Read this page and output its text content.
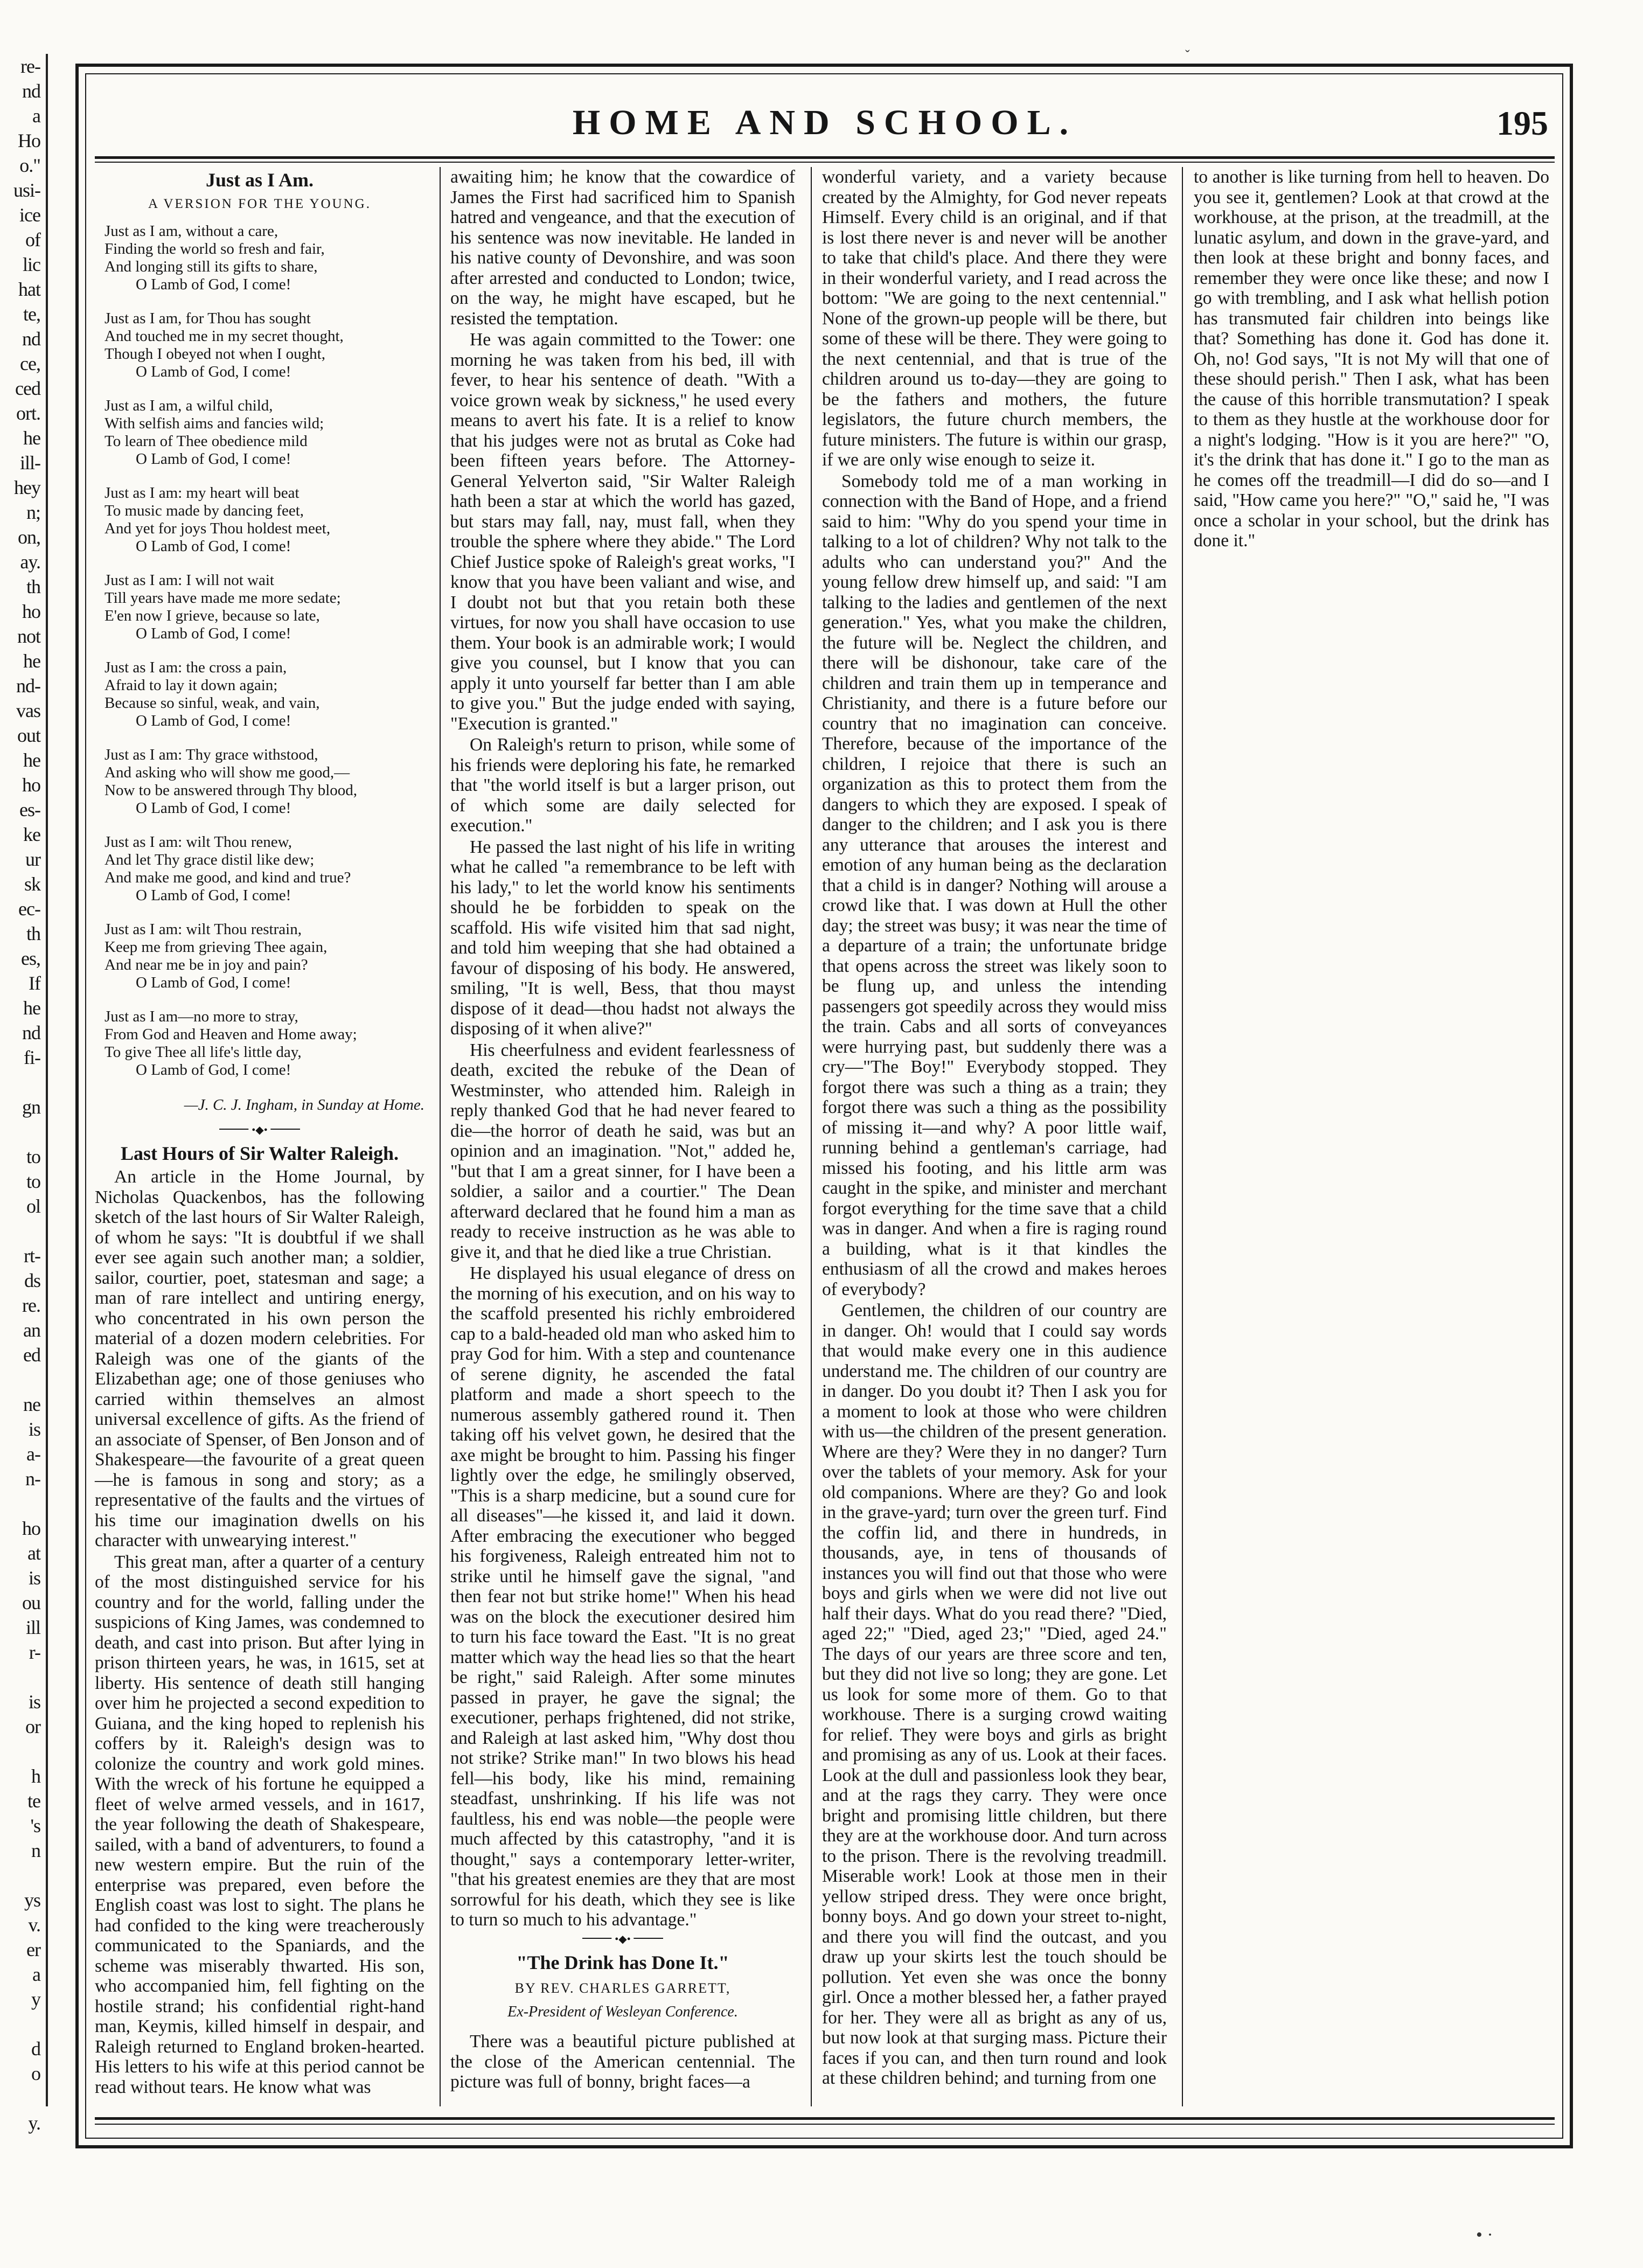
re-
nd
a
Ho
o."
usi-
ice
of
lic
hat
te,
nd
ce,
ced
ort.
he
ill-
hey
n;
on,
ay.
th
ho
not
he
nd-
vas
out
he
ho
es-
ke
ur
sk
ec-
th
es,
If
he
nd
fi-

gn

to
to
ol

rt-
ds
re.
an
ed

ne
is
a-
n-

ho
at
is
ou
ill
r-

is
or

h
te
's
n

ys
v.
er
a
y

d
o

y.
HOME AND SCHOOL.	195
Just as I Am.
A VERSION FOR THE YOUNG.
Just as I am, without a care,
Finding the world so fresh and fair,
And longing still its gifts to share,
O Lamb of God, I come!
Just as I am, for Thou has sought
And touched me in my secret thought,
Though I obeyed not when I ought,
O Lamb of God, I come!
Just as I am, a wilful child,
With selfish aims and fancies wild;
To learn of Thee obedience mild
O Lamb of God, I come!
Just as I am: my heart will beat
To music made by dancing feet,
And yet for joys Thou holdest meet,
O Lamb of God, I come!
Just as I am: I will not wait
Till years have made me more sedate;
E'en now I grieve, because so late,
O Lamb of God, I come!
Just as I am: the cross a pain,
Afraid to lay it down again;
Because so sinful, weak, and vain,
O Lamb of God, I come!
Just as I am: Thy grace withstood,
And asking who will show me good,—
Now to be answered through Thy blood,
O Lamb of God, I come!
Just as I am: wilt Thou renew,
And let Thy grace distil like dew;
And make me good, and kind and true?
O Lamb of God, I come!
Just as I am: wilt Thou restrain,
Keep me from grieving Thee again,
And near me be in joy and pain?
O Lamb of God, I come!
Just as I am—no more to stray,
From God and Heaven and Home away;
To give Thee all life's little day,
O Lamb of God, I come!
—J. C. J. Ingham, in Sunday at Home.
•◆•
Last Hours of Sir Walter Raleigh.

An article in the Home Journal, by Nicholas Quackenbos, has the following sketch of the last hours of Sir Walter Raleigh, of whom he says: "It is doubtful if we shall ever see again such another man; a soldier, sailor, courtier, poet, statesman and sage; a man of rare intellect and untiring energy, who concentrated in his own person the material of a dozen modern celebrities. For Raleigh was one of the giants of the Elizabethan age; one of those geniuses who carried within themselves an almost universal excellence of gifts. As the friend of an associate of Spenser, of Ben Jonson and of Shakespeare—the favourite of a great queen—he is famous in song and story; as a representative of the faults and the virtues of his time our imagination dwells on his character with unwearying interest."

This great man, after a quarter of a century of the most distinguished service for his country and for the world, falling under the suspicions of King James, was condemned to death, and cast into prison. But after lying in prison thirteen years, he was, in 1615, set at liberty. His sentence of death still hanging over him he projected a second expedition to Guiana, and the king hoped to replenish his coffers by it. Raleigh's design was to colonize the country and work gold mines. With the wreck of his fortune he equipped a fleet of welve armed vessels, and in 1617, the year following the death of Shakespeare, sailed, with a band of adventurers, to found a new western empire. But the ruin of the enterprise was prepared, even before the English coast was lost to sight. The plans he had confided to the king were treacherously communicated to the Spaniards, and the scheme was miserably thwarted. His son, who accompanied him, fell fighting on the hostile strand; his confidential right-hand man, Keymis, killed himself in despair, and Raleigh returned to England broken-hearted. His letters to his wife at this period cannot be read without tears. He know what was

awaiting him; he know that the cowardice of James the First had sacrificed him to Spanish hatred and vengeance, and that the execution of his sentence was now inevitable. He landed in his native county of Devonshire, and was soon after arrested and conducted to London; twice, on the way, he might have escaped, but he resisted the temptation.

He was again committed to the Tower: one morning he was taken from his bed, ill with fever, to hear his sentence of death. "With a voice grown weak by sickness," he used every means to avert his fate. It is a relief to know that his judges were not as brutal as Coke had been fifteen years before. The Attorney-General Yelverton said, "Sir Walter Raleigh hath been a star at which the world has gazed, but stars may fall, nay, must fall, when they trouble the sphere where they abide." The Lord Chief Justice spoke of Raleigh's great works, "I know that you have been valiant and wise, and I doubt not but that you retain both these virtues, for now you shall have occasion to use them. Your book is an admirable work; I would give you counsel, but I know that you can apply it unto yourself far better than I am able to give you." But the judge ended with saying, "Execution is granted."

On Raleigh's return to prison, while some of his friends were deploring his fate, he remarked that "the world itself is but a larger prison, out of which some are daily selected for execution."

He passed the last night of his life in writing what he called "a remembrance to be left with his lady," to let the world know his sentiments should he be forbidden to speak on the scaffold. His wife visited him that sad night, and told him weeping that she had obtained a favour of disposing of his body. He answered, smiling, "It is well, Bess, that thou mayst dispose of it dead—thou hadst not always the disposing of it when alive?"

His cheerfulness and evident fearlessness of death, excited the rebuke of the Dean of Westminster, who attended him. Raleigh in reply thanked God that he had never feared to die—the horror of death he said, was but an opinion and an imagination. "Not," added he, "but that I am a great sinner, for I have been a soldier, a sailor and a courtier." The Dean afterward declared that he found him a man as ready to receive instruction as he was able to give it, and that he died like a true Christian.

He displayed his usual elegance of dress on the morning of his execution, and on his way to the scaffold presented his richly embroidered cap to a bald-headed old man who asked him to pray God for him. With a step and countenance of serene dignity, he ascended the fatal platform and made a short speech to the numerous assembly gathered round it. Then taking off his velvet gown, he desired that the axe might be brought to him. Passing his finger lightly over the edge, he smilingly observed, "This is a sharp medicine, but a sound cure for all diseases"—he kissed it, and laid it down. After embracing the executioner who begged his forgiveness, Raleigh entreated him not to strike until he himself gave the signal, "and then fear not but strike home!" When his head was on the block the executioner desired him to turn his face toward the East. "It is no great matter which way the head lies so that the heart be right," said Raleigh. After some minutes passed in prayer, he gave the signal; the executioner, perhaps frightened, did not strike, and Raleigh at last asked him, "Why dost thou not strike? Strike man!" In two blows his head fell—his body, like his mind, remaining steadfast, unshrinking. If his life was not faultless, his end was noble—the people were much affected by this catastrophy, "and it is thought," says a contemporary letter-writer, "that his greatest enemies are they that are most sorrowful for his death, which they see is like to turn so much to his advantage."

•◆•
"The Drink has Done It."
BY REV. CHARLES GARRETT,
Ex-President of Wesleyan Conference.

There was a beautiful picture published at the close of the American centennial. The picture was full of bonny, bright faces—a

wonderful variety, and a variety because created by the Almighty, for God never repeats Himself. Every child is an original, and if that is lost there never is and never will be another to take that child's place. And there they were in their wonderful variety, and I read across the bottom: "We are going to the next centennial." None of the grown-up people will be there, but some of these will be there. They were going to the next centennial, and that is true of the children around us to-day—they are going to be the fathers and mothers, the future legislators, the future church members, the future ministers. The future is within our grasp, if we are only wise enough to seize it.

Somebody told me of a man working in connection with the Band of Hope, and a friend said to him: "Why do you spend your time in talking to a lot of children? Why not talk to the adults who can understand you?" And the young fellow drew himself up, and said: "I am talking to the ladies and gentlemen of the next generation." Yes, what you make the children, the future will be. Neglect the children, and there will be dishonour, take care of the children and train them up in temperance and Christianity, and there is a future before our country that no imagination can conceive. Therefore, because of the importance of the children, I rejoice that there is such an organization as this to protect them from the dangers to which they are exposed. I speak of danger to the children; and I ask you is there any utterance that arouses the interest and emotion of any human being as the declaration that a child is in danger? Nothing will arouse a crowd like that. I was down at Hull the other day; the street was busy; it was near the time of a departure of a train; the unfortunate bridge that opens across the street was likely soon to be flung up, and unless the intending passengers got speedily across they would miss the train. Cabs and all sorts of conveyances were hurrying past, but suddenly there was a cry—"The Boy!" Everybody stopped. They forgot there was such a thing as a train; they forgot there was such a thing as the possibility of missing it—and why? A poor little waif, running behind a gentleman's carriage, had missed his footing, and his little arm was caught in the spike, and minister and merchant forgot everything for the time save that a child was in danger. And when a fire is raging round a building, what is it that kindles the enthusiasm of all the crowd and makes heroes of everybody?

Gentlemen, the children of our country are in danger. Oh! would that I could say words that would make every one in this audience understand me. The children of our country are in danger. Do you doubt it? Then I ask you for a moment to look at those who were children with us—the children of the present generation. Where are they? Were they in no danger? Turn over the tablets of your memory. Ask for your old companions. Where are they? Go and look in the grave-yard; turn over the green turf. Find the coffin lid, and there in hundreds, in thousands, aye, in tens of thousands of instances you will find out that those who were boys and girls when we were did not live out half their days. What do you read there? "Died, aged 22;" "Died, aged 23;" "Died, aged 24." The days of our years are three score and ten, but they did not live so long; they are gone. Let us look for some more of them. Go to that workhouse. There is a surging crowd waiting for relief. They were boys and girls as bright and promising as any of us. Look at their faces. Look at the dull and passionless look they bear, and at the rags they carry. They were once bright and promising little children, but there they are at the workhouse door. And turn across to the prison. There is the revolving treadmill. Miserable work! Look at those men in their yellow striped dress. They were once bright, bonny boys. And go down your street to-night, and there you will find the outcast, and you draw up your skirts lest the touch should be pollution. Yet even she was once the bonny girl. Once a mother blessed her, a father prayed for her. They were all as bright as any of us, but now look at that surging mass. Picture their faces if you can, and then turn round and look at these children behind; and turning from one

to another is like turning from hell to heaven. Do you see it, gentlemen? Look at that crowd at the workhouse, at the prison, at the treadmill, at the lunatic asylum, and down in the grave-yard, and then look at these bright and bonny faces, and remember they were once like these; and now I go with trembling, and I ask what hellish potion has transmuted fair children into beings like that? Something has done it. God has done it. Oh, no! God says, "It is not My will that one of these should perish." Then I ask, what has been the cause of this horrible transmutation? I speak to them as they hustle at the workhouse door for a night's lodging. "How is it you are here?" "O, it's the drink that has done it." I go to the man as he comes off the treadmill—I did do so—and I said, "How came you here?" "O," said he, "I was once a scholar in your school, but the drink has done it."

ˇ
• ·
